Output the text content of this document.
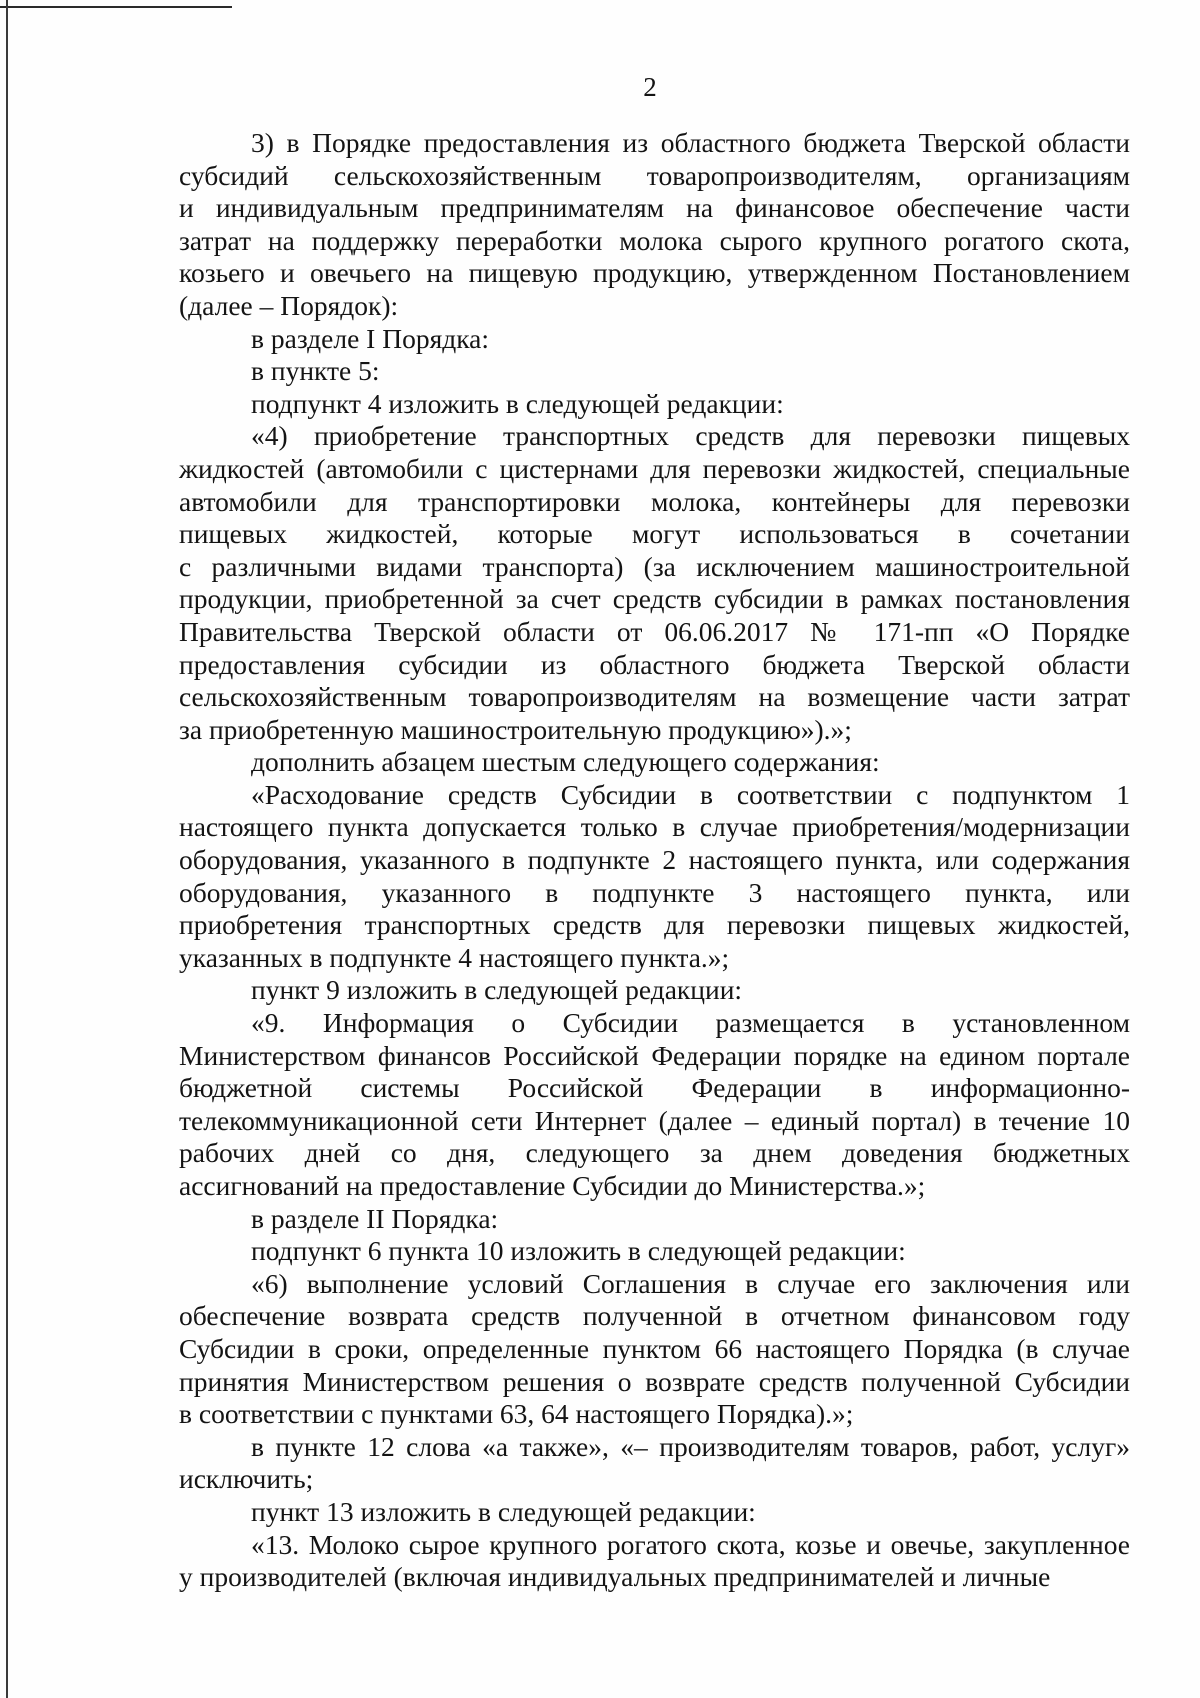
2
3) в Порядке предоставления из областного бюджета Тверской области
субсидий сельскохозяйственным товаропроизводителям, организациям
и индивидуальным предпринимателям на финансовое обеспечение части
затрат на поддержку переработки молока сырого крупного рогатого скота,
козьего и овечьего на пищевую продукцию, утвержденном Постановлением
(далее – Порядок):
в разделе I Порядка:
в пункте 5:
подпункт 4 изложить в следующей редакции:
«4) приобретение транспортных средств для перевозки пищевых
жидкостей (автомобили с цистернами для перевозки жидкостей, специальные
автомобили для транспортировки молока, контейнеры для перевозки
пищевых жидкостей, которые могут использоваться в сочетании
с различными видами транспорта) (за исключением машиностроительной
продукции, приобретенной за счет средств субсидии в рамках постановления
Правительства Тверской области от 06.06.2017 № 171-пп «О Порядке
предоставления субсидии из областного бюджета Тверской области
сельскохозяйственным товаропроизводителям на возмещение части затрат
за приобретенную машиностроительную продукцию»).»;
дополнить абзацем шестым следующего содержания:
«Расходование средств Субсидии в соответствии с подпунктом 1
настоящего пункта допускается только в случае приобретения/модернизации
оборудования, указанного в подпункте 2 настоящего пункта, или содержания
оборудования, указанного в подпункте 3 настоящего пункта, или
приобретения транспортных средств для перевозки пищевых жидкостей,
указанных в подпункте 4 настоящего пункта.»;
пункт 9 изложить в следующей редакции:
«9. Информация о Субсидии размещается в установленном
Министерством финансов Российской Федерации порядке на едином портале
бюджетной системы Российской Федерации в информационно-
телекоммуникационной сети Интернет (далее – единый портал) в течение 10
рабочих дней со дня, следующего за днем доведения бюджетных
ассигнований на предоставление Субсидии до Министерства.»;
в разделе II Порядка:
подпункт 6 пункта 10 изложить в следующей редакции:
«6) выполнение условий Соглашения в случае его заключения или
обеспечение возврата средств полученной в отчетном финансовом году
Субсидии в сроки, определенные пунктом 66 настоящего Порядка (в случае
принятия Министерством решения о возврате средств полученной Субсидии
в соответствии с пунктами 63, 64 настоящего Порядка).»;
в пункте 12 слова «а также», «– производителям товаров, работ, услуг»
исключить;
пункт 13 изложить в следующей редакции:
«13. Молоко сырое крупного рогатого скота, козье и овечье, закупленное
у производителей (включая индивидуальных предпринимателей и личные
